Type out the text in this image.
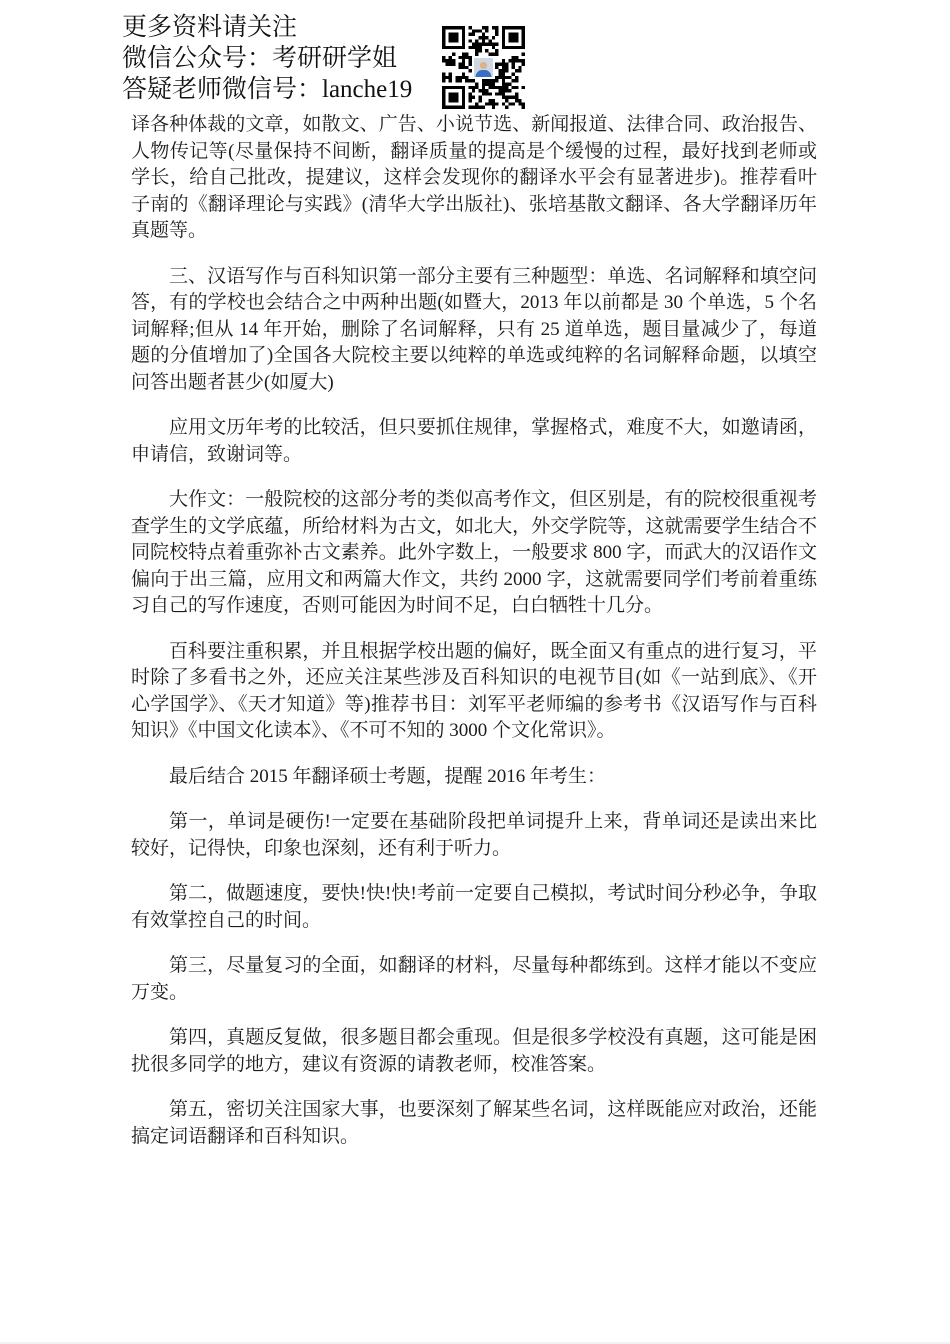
更多资料请关注
微信公众号：考研研学姐
答疑老师微信号：lanche19

译各种体裁的文章，如散文、广告、小说节选、新闻报道、法律合同、政治报告、人物传记等(尽量保持不间断，翻译质量的提高是个缓慢的过程，最好找到老师或学长，给自己批改，提建议，这样会发现你的翻译水平会有显著进步)。推荐看叶子南的《翻译理论与实践》(清华大学出版社)、张培基散文翻译、各大学翻译历年真题等。

三、汉语写作与百科知识第一部分主要有三种题型：单选、名词解释和填空问答，有的学校也会结合之中两种出题(如暨大，2013 年以前都是 30 个单选，5 个名词解释;但从 14 年开始，删除了名词解释，只有 25 道单选，题目量减少了，每道题的分值增加了)全国各大院校主要以纯粹的单选或纯粹的名词解释命题，以填空问答出题者甚少(如厦大)

应用文历年考的比较活，但只要抓住规律，掌握格式，难度不大，如邀请函，申请信，致谢词等。

大作文：一般院校的这部分考的类似高考作文，但区别是，有的院校很重视考查学生的文学底蕴，所给材料为古文，如北大，外交学院等，这就需要学生结合不同院校特点着重弥补古文素养。此外字数上，一般要求 800 字，而武大的汉语作文偏向于出三篇，应用文和两篇大作文，共约 2000 字，这就需要同学们考前着重练习自己的写作速度，否则可能因为时间不足，白白牺牲十几分。

百科要注重积累，并且根据学校出题的偏好，既全面又有重点的进行复习，平时除了多看书之外，还应关注某些涉及百科知识的电视节目(如《一站到底》、《开心学国学》、《天才知道》等)推荐书目：刘军平老师编的参考书《汉语写作与百科知识》《中国文化读本》、《不可不知的 3000 个文化常识》。

最后结合 2015 年翻译硕士考题，提醒 2016 年考生：

第一，单词是硬伤!一定要在基础阶段把单词提升上来，背单词还是读出来比较好，记得快，印象也深刻，还有利于听力。

第二，做题速度，要快!快!快!考前一定要自己模拟，考试时间分秒必争，争取有效掌控自己的时间。

第三，尽量复习的全面，如翻译的材料，尽量每种都练到。这样才能以不变应万变。

第四，真题反复做，很多题目都会重现。但是很多学校没有真题，这可能是困扰很多同学的地方，建议有资源的请教老师，校准答案。

第五，密切关注国家大事，也要深刻了解某些名词，这样既能应对政治，还能搞定词语翻译和百科知识。
